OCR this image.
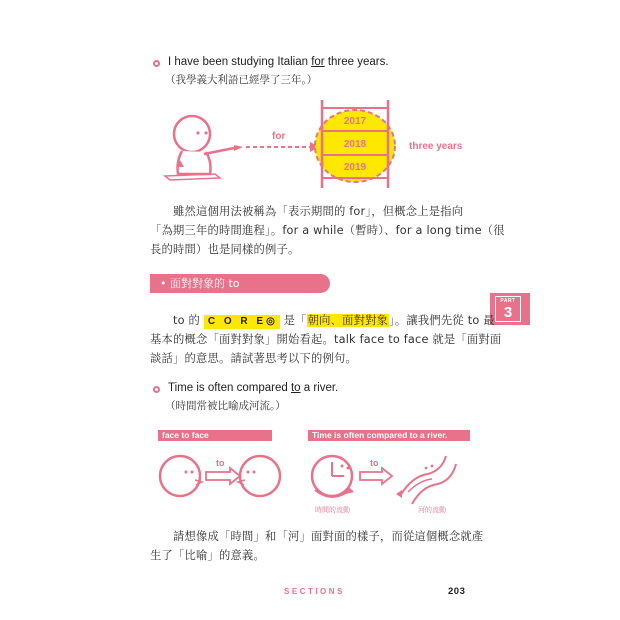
I have been studying Italian for three years.
（我學義大利語已經學了三年。）
for
2017
2018
2019
three years
雖然這個用法被稱為「表示期間的 for」，但概念上是指向
「為期三年的時間進程」。for a while（暫時）、for a long time（很
長的時間）也是同樣的例子。
• 面對對象的 to
PART
3
to 的 C O R E◎ 是「朝向、面對對象」。讓我們先從 to 最
基本的概念「面對對象」開始看起。talk face to face 就是「面對面
談話」的意思。請試著思考以下的例句。
Time is often compared to a river.
（時間常被比喻成河流。）
face to face	Time is often compared to a river.
to	to
時間的流動	河的流動
請想像成「時間」和「河」面對面的樣子，而從這個概念就產
生了「比喻」的意義。
SECTIONS	203
